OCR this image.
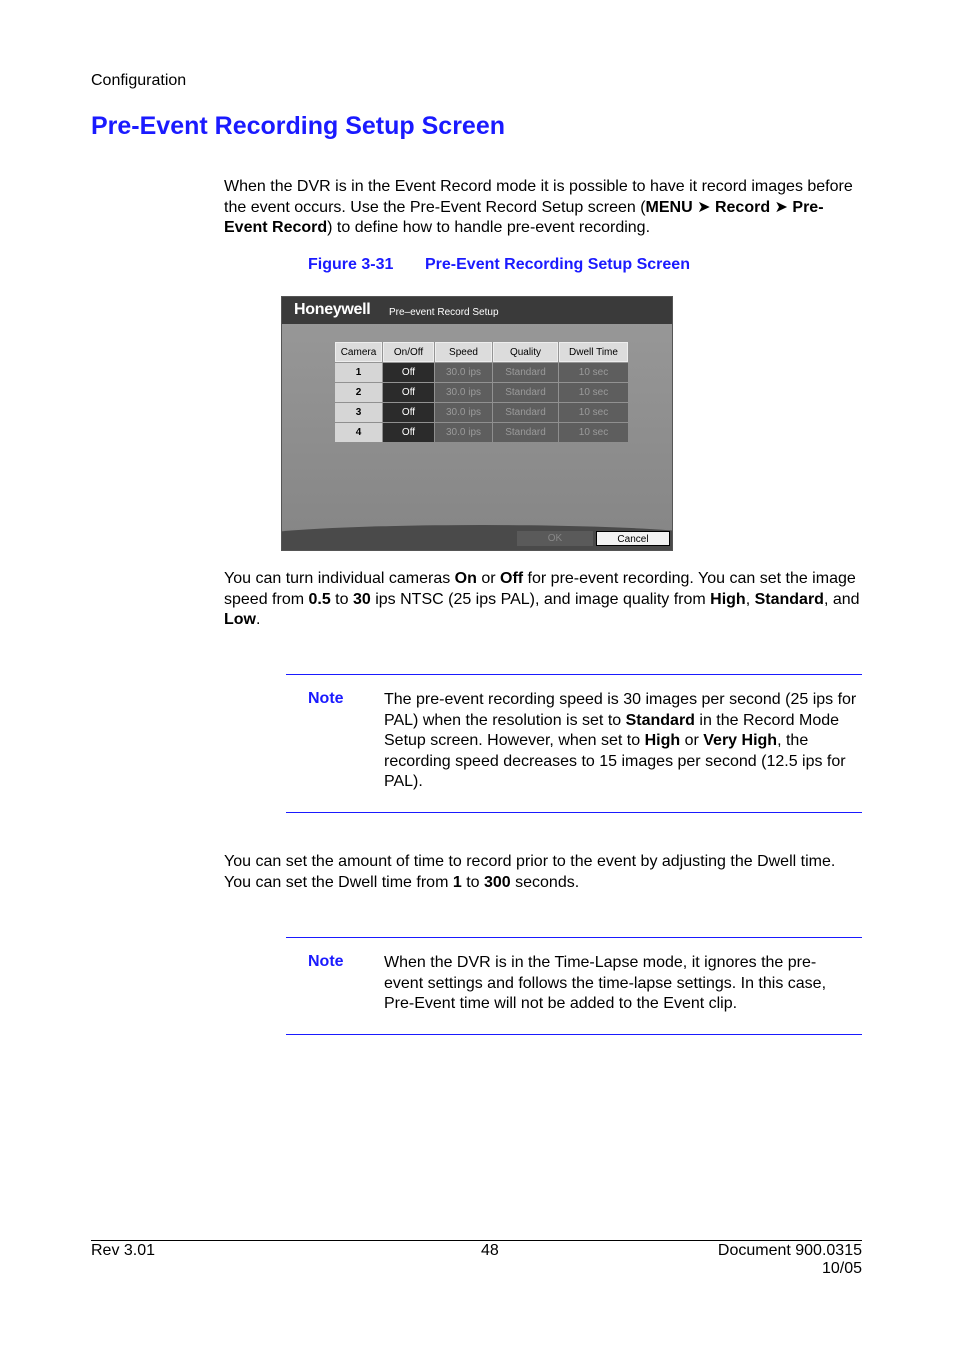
Configuration
Pre-Event Recording Setup Screen
When the DVR is in the Event Record mode it is possible to have it record images before the event occurs. Use the Pre-Event Record Setup screen (MENU ➤ Record ➤ Pre-Event Record) to define how to handle pre-event recording.
Figure 3-31 Pre-Event Recording Setup Screen
Honeywell Pre–event Record Setup
Camera	On/Off	Speed	Quality	Dwell Time
1	Off	30.0 ips	Standard	10 sec
2	Off	30.0 ips	Standard	10 sec
3	Off	30.0 ips	Standard	10 sec
4	Off	30.0 ips	Standard	10 sec
OK	Cancel
You can turn individual cameras On or Off for pre-event recording. You can set the image speed from 0.5 to 30 ips NTSC (25 ips PAL), and image quality from High, Standard, and Low.
Note	The pre-event recording speed is 30 images per second (25 ips for PAL) when the resolution is set to Standard in the Record Mode Setup screen. However, when set to High or Very High, the recording speed decreases to 15 images per second (12.5 ips for PAL).
You can set the amount of time to record prior to the event by adjusting the Dwell time. You can set the Dwell time from 1 to 300 seconds.
Note	When the DVR is in the Time-Lapse mode, it ignores the pre-event settings and follows the time-lapse settings. In this case, Pre-Event time will not be added to the Event clip.
Rev 3.01	48	Document 900.0315
10/05
